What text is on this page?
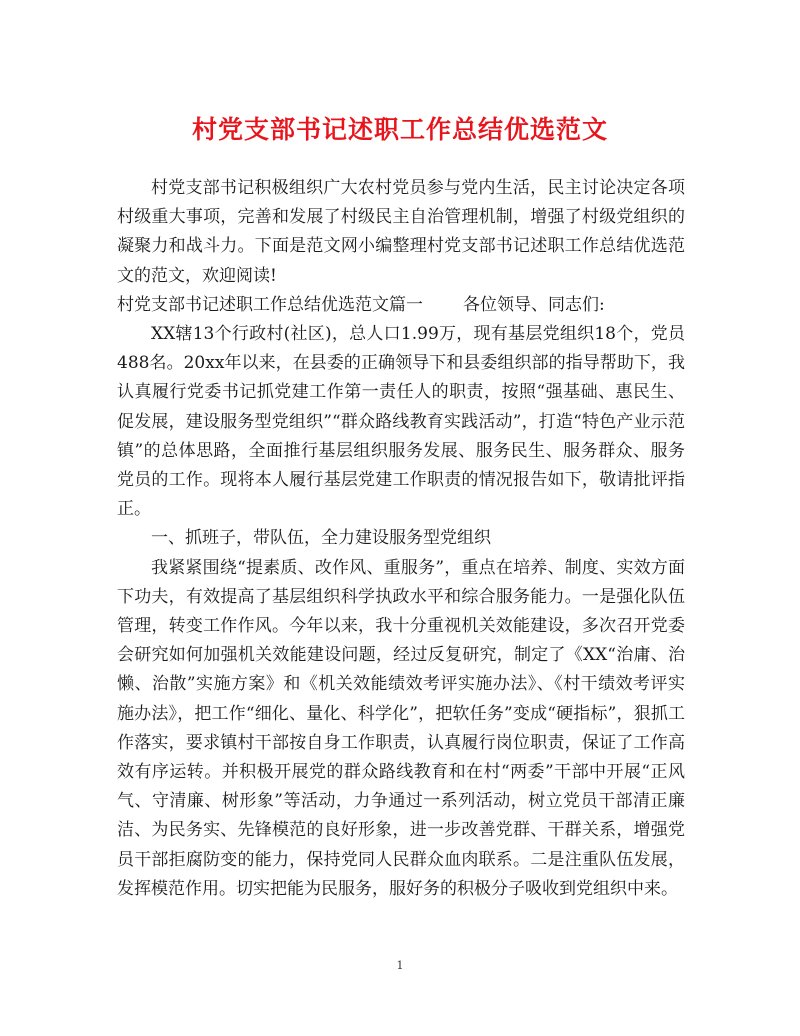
村党支部书记述职工作总结优选范文

村党支部书记积极组织广大农村党员参与党内生活，民主讨论决定各项村级重大事项，完善和发展了村级民主自治管理机制，增强了村级党组织的凝聚力和战斗力。下面是范文网小编整理村党支部书记述职工作总结优选范文的范文，欢迎阅读!

村党支部书记述职工作总结优选范文篇一 各位领导、同志们:

XX辖13个行政村(社区)，总人口1.99万，现有基层党组织18个，党员488名。20xx年以来，在县委的正确领导下和县委组织部的指导帮助下，我认真履行党委书记抓党建工作第一责任人的职责，按照“强基础、惠民生、促发展，建设服务型党组织”“群众路线教育实践活动”，打造“特色产业示范镇”的总体思路，全面推行基层组织服务发展、服务民生、服务群众、服务党员的工作。现将本人履行基层党建工作职责的情况报告如下，敬请批评指正。

一、抓班子，带队伍，全力建设服务型党组织

我紧紧围绕“提素质、改作风、重服务”，重点在培养、制度、实效方面下功夫，有效提高了基层组织科学执政水平和综合服务能力。一是强化队伍管理，转变工作作风。今年以来，我十分重视机关效能建设，多次召开党委会研究如何加强机关效能建设问题，经过反复研究，制定了《XX“治庸、治懒、治散”实施方案》和《机关效能绩效考评实施办法》、《村干绩效考评实施办法》，把工作“细化、量化、科学化”，把软任务”变成“硬指标”，狠抓工作落实，要求镇村干部按自身工作职责，认真履行岗位职责，保证了工作高效有序运转。并积极开展党的群众路线教育和在村“两委”干部中开展“正风气、守清廉、树形象”等活动，力争通过一系列活动，树立党员干部清正廉洁、为民务实、先锋模范的良好形象，进一步改善党群、干群关系，增强党员干部拒腐防变的能力，保持党同人民群众血肉联系。二是注重队伍发展，发挥模范作用。切实把能为民服务，服好务的积极分子吸收到党组织中来。

1
